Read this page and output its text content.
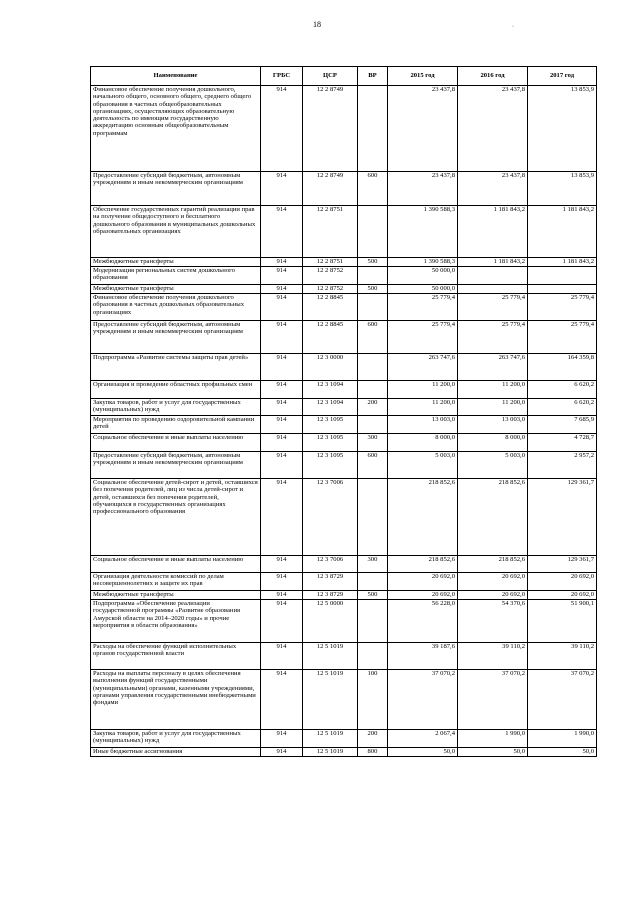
18	·
Наименование	ГРБС	ЦСР	ВР	2015 год	2016 год	2017 год
Финансовое обеспечение получения дошкольного, начального общего, основного общего, среднего общего образования в частных общеобразовательных организациях, осуществляющих образовательную деятельность по имеющим государственную аккредитацию основным общеобразовательным программам	914	12 2 8749		23 437,8	23 437,8	13 853,9
Предоставление субсидий бюджетным, автономным учреждениям и иным некоммерческим организациям	914	12 2 8749	600	23 437,8	23 437,8	13 853,9
Обеспечение государственных гарантий реализации прав на получение общедоступного и бесплатного дошкольного образования в муниципальных дошкольных образовательных организациях	914	12 2 8751		1 390 588,3	1 181 843,2	1 181 843,2
Межбюджетные трансферты	914	12 2 8751	500	1 390 588,3	1 181 843,2	1 181 843,2
Модернизация региональных систем дошкольного образования	914	12 2 8752		50 000,0		
Межбюджетные трансферты	914	12 2 8752	500	50 000,0		
Финансовое обеспечение получения дошкольного образования в частных дошкольных образовательных организациях	914	12 2 8845		25 779,4	25 779,4	25 779,4
Предоставление субсидий бюджетным, автономным учреждениям и иным некоммерческим организациям	914	12 2 8845	600	25 779,4	25 779,4	25 779,4
Подпрограмма «Развитие системы защиты прав детей»	914	12 3 0000		263 747,6	263 747,6	164 359,8
Организация и проведение областных профильных смен	914	12 3 1094		11 200,0	11 200,0	6 620,2
Закупка товаров, работ и услуг для государственных (муниципальных) нужд	914	12 3 1094	200	11 200,0	11 200,0	6 620,2
Мероприятия по проведению оздоровительной кампании детей	914	12 3 1095		13 003,0	13 003,0	7 685,9
Социальное обеспечение и иные выплаты населению	914	12 3 1095	300	8 000,0	8 000,0	4 728,7
Предоставление субсидий бюджетным, автономным учреждениям и иным некоммерческим организациям	914	12 3 1095	600	5 003,0	5 003,0	2 957,2
Социальное обеспечение детей-сирот и детей, оставшихся без попечения родителей, лиц из числа детей-сирот и детей, оставшихся без попечения родителей, обучающихся в государственных организациях профессионального образования	914	12 3 7006		218 852,6	218 852,6	129 361,7
Социальное обеспечение и иные выплаты населению	914	12 3 7006	300	218 852,6	218 852,6	129 361,7
Организация деятельности комиссий по делам несовершеннолетних и защите их прав	914	12 3 8729		20 692,0	20 692,0	20 692,0
Межбюджетные трансферты	914	12 3 8729	500	20 692,0	20 692,0	20 692,0
Подпрограмма «Обеспечение реализации государственной программы «Развитие образования Амурской области на 2014–2020 годы» и прочие мероприятия в области образования»	914	12 5 0000		56 228,0	54 370,6	51 900,1
Расходы на обеспечение функций исполнительных органов государственной власти	914	12 5 1019		39 187,6	39 110,2	39 110,2
Расходы на выплаты персоналу в целях обеспечения выполнения функций государственными (муниципальными) органами, казенными учреждениями, органами управления государственными внебюджетными фондами	914	12 5 1019	100	37 070,2	37 070,2	37 070,2
Закупка товаров, работ и услуг для государственных (муниципальных) нужд	914	12 5 1019	200	2 067,4	1 990,0	1 990,0
Иные бюджетные ассигнования	914	12 5 1019	800	50,0	50,0	50,0
